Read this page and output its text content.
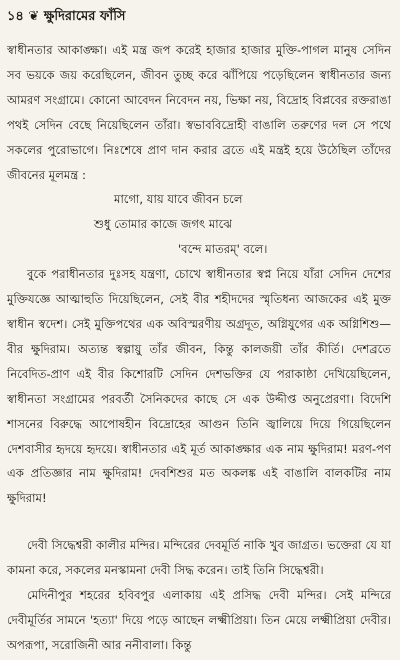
১৪ ❦ ক্ষুদিরামের ফাঁসি

স্বাধীনতার আকাঙ্ক্ষা। এই মন্ত্র জপ করেই হাজার হাজার মুক্তি-পাগল মানুষ সেদিন সব ভয়কে জয় করেছিলেন, জীবন তুচ্ছ করে ঝাঁপিয়ে পড়েছিলেন স্বাধীনতার জন্য আমরণ সংগ্রামে। কোনো আবেদন নিবেদন নয়, ভিক্ষা নয়, বিদ্রোহ বিপ্লবের রক্তরাঙা পথই সেদিন বেছে নিয়েছিলেন তাঁরা। স্বভাববিদ্রোহী বাঙালি তরুণের দল সে পথে সকলের পুরোভাগে। নিঃশেষে প্রাণ দান করার ব্রতে এই মন্ত্রই হয়ে উঠেছিল তাঁদের জীবনের মূলমন্ত্র :

মাগো, যায় যাবে জীবন চলে
শুধু তোমার কাজে জগৎ মাঝে
'বন্দে মাতরম্' বলে।

বুকে পরাধীনতার দুঃসহ যন্ত্রণা, চোখে স্বাধীনতার স্বপ্ন নিয়ে যাঁরা সেদিন দেশের মুক্তিযজ্ঞে আত্মাহুতি দিয়েছিলেন, সেই বীর শহীদদের স্মৃতিধন্য আজকের এই মুক্ত স্বাধীন স্বদেশ। সেই মুক্তিপথের এক অবিস্মরণীয় অগ্রদূত, অগ্নিযুগের এক অগ্নিশিশু—বীর ক্ষুদিরাম। অত্যন্ত স্বল্পায়ু তাঁর জীবন, কিন্তু কালজয়ী তাঁর কীর্তি। দেশব্রতে নিবেদিত-প্রাণ এই বীর কিশোরটি সেদিন দেশভক্তির যে পরাকাষ্ঠা দেখিয়েছিলেন, স্বাধীনতা সংগ্রামের পরবর্তী সৈনিকদের কাছে সে এক উদ্দীপ্ত অনুপ্রেরণা। বিদেশি শাসনের বিরুদ্ধে আপোষহীন বিদ্রোহের আগুন তিনি জ্বালিয়ে দিয়ে গিয়েছিলেন দেশবাসীর হৃদয়ে হৃদয়ে। স্বাধীনতার এই মূর্ত আকাঙ্ক্ষার এক নাম ক্ষুদিরাম! মরণ-পণ এক প্রতিজ্ঞার নাম ক্ষুদিরাম! দেবশিশুর মত অকলঙ্ক এই বাঙালি বালকটির নাম ক্ষুদিরাম!

দেবী সিদ্ধেশ্বরী কালীর মন্দির। মন্দিরের দেবমূর্তি নাকি খুব জাগ্রত। ভক্তেরা যে যা কামনা করে, সকলের মনস্কামনা দেবী সিদ্ধ করেন। তাই তিনি সিদ্ধেশ্বরী।

মেদিনীপুর শহরের হবিবপুর এলাকায় এই প্রসিদ্ধ দেবী মন্দির। সেই মন্দিরে দেবীমূর্তির সামনে 'হত্যা' দিয়ে পড়ে আছেন লক্ষ্মীপ্রিয়া। তিন মেয়ে লক্ষ্মীপ্রিয়া দেবীর। অপরূপা, সরোজিনী আর ননীবালা। কিন্তু
